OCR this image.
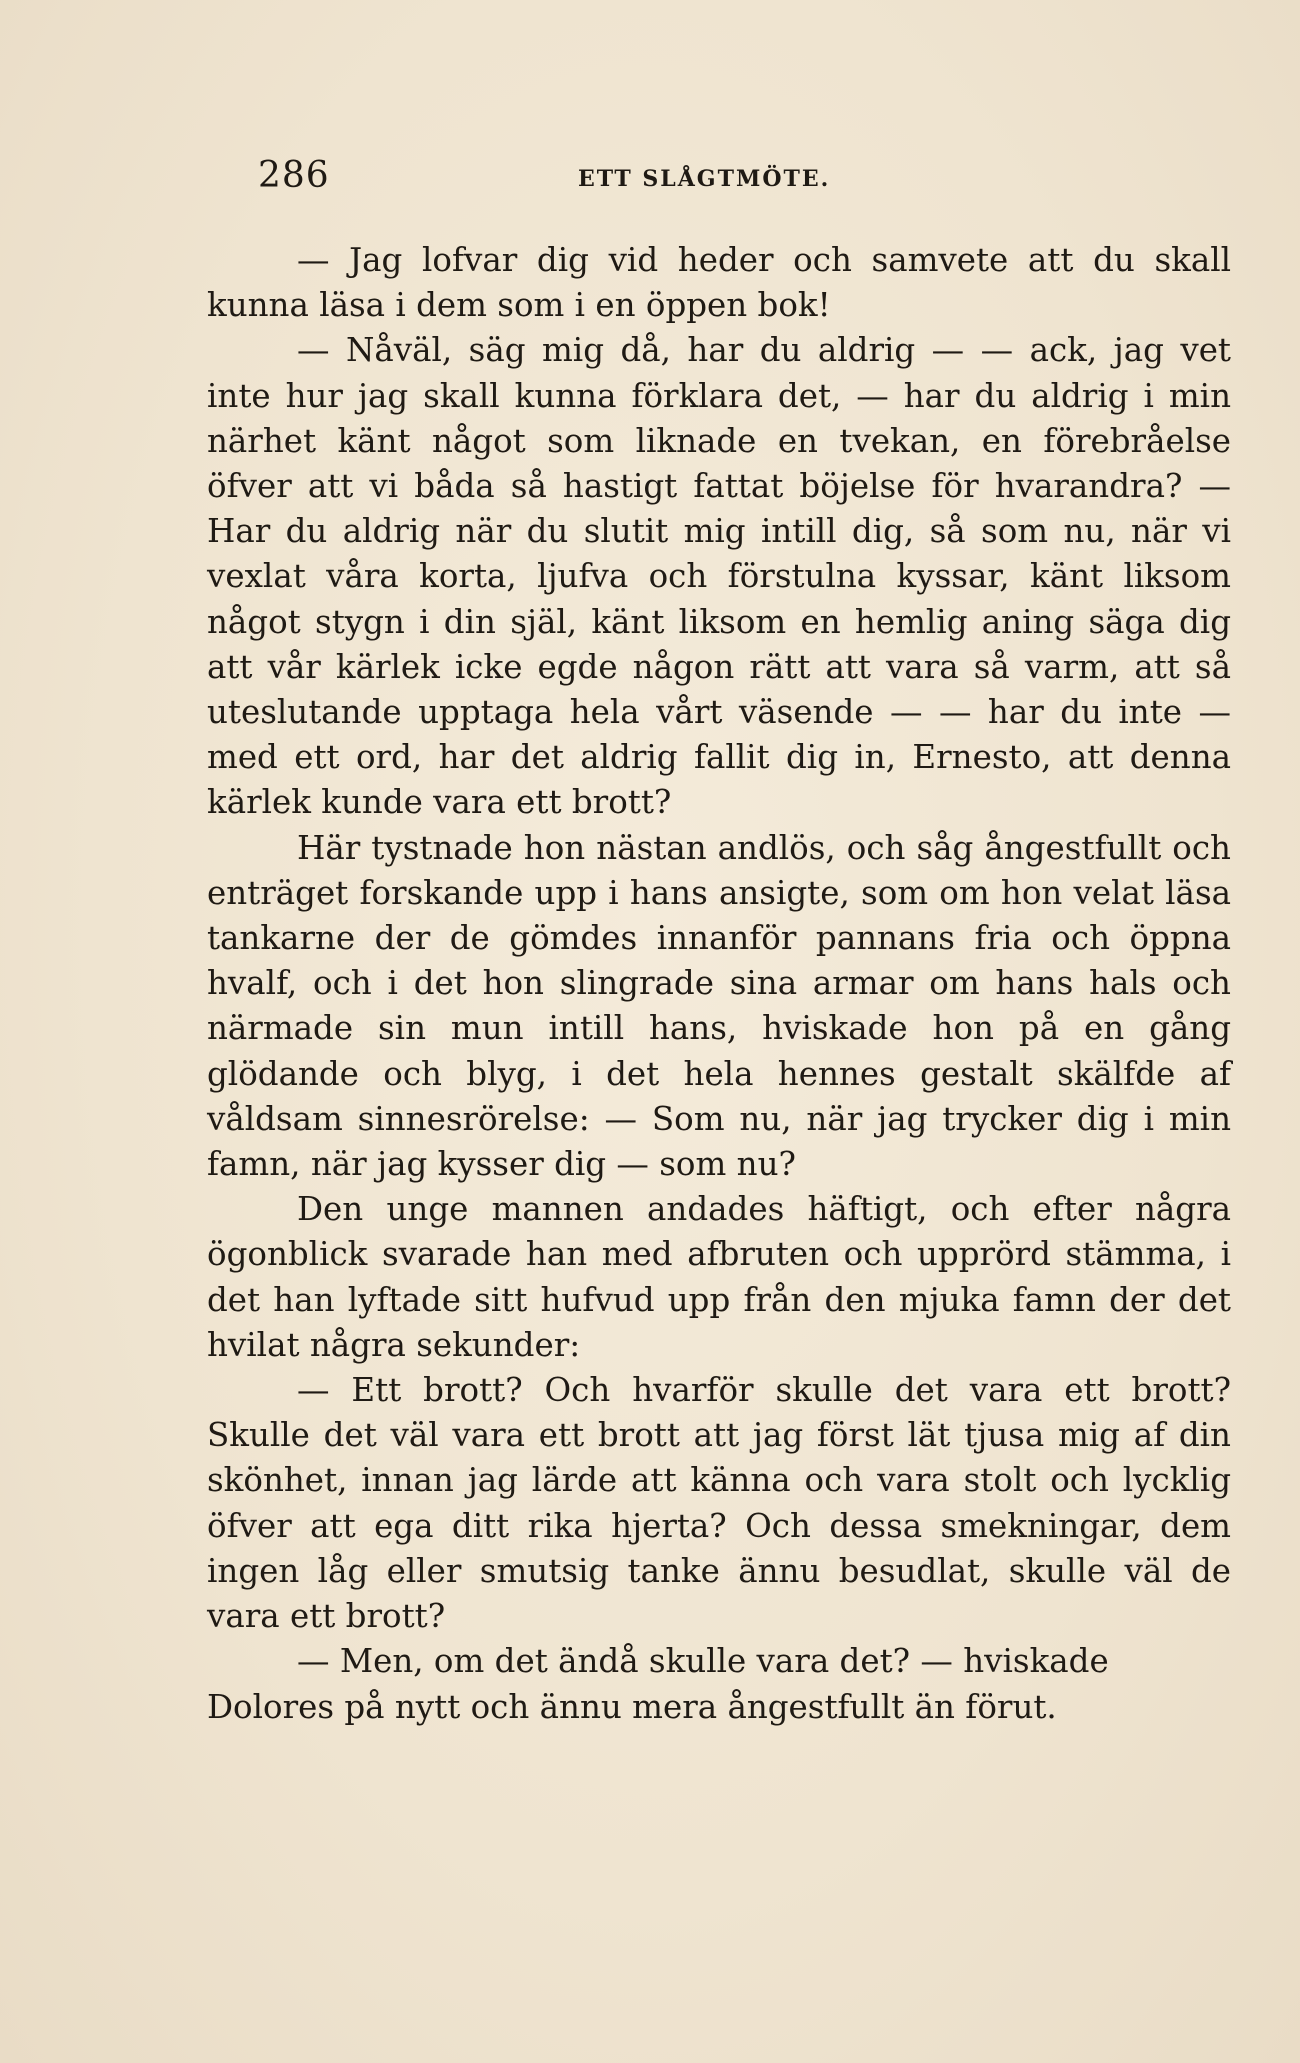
286	ETT SLÅGTMÖTE.

— Jag lofvar dig vid heder och samvete att du skall kunna läsa i dem som i en öppen bok!

— Nåväl, säg mig då, har du aldrig — — ack, jag vet inte hur jag skall kunna förklara det, — har du aldrig i min närhet känt något som liknade en tvekan, en förebråelse öfver att vi båda så hastigt fattat böjelse för hvarandra? — Har du aldrig när du slutit mig intill dig, så som nu, när vi vexlat våra korta, ljufva och förstulna kyssar, känt liksom något stygn i din själ, känt liksom en hemlig aning säga dig att vår kärlek icke egde någon rätt att vara så varm, att så uteslutande upptaga hela vårt väsende — — har du inte — med ett ord, har det aldrig fallit dig in, Ernesto, att denna kärlek kunde vara ett brott?

Här tystnade hon nästan andlös, och såg ångestfullt och enträget forskande upp i hans ansigte, som om hon velat läsa tankarne der de gömdes innanför pannans fria och öppna hvalf, och i det hon slingrade sina armar om hans hals och närmade sin mun intill hans, hviskade hon på en gång glödande och blyg, i det hela hennes gestalt skälfde af våldsam sinnesrörelse: — Som nu, när jag trycker dig i min famn, när jag kysser dig — som nu?

Den unge mannen andades häftigt, och efter några ögonblick svarade han med afbruten och upprörd stämma, i det han lyftade sitt hufvud upp från den mjuka famn der det hvilat några sekunder:

— Ett brott? Och hvarför skulle det vara ett brott? Skulle det väl vara ett brott att jag först lät tjusa mig af din skönhet, innan jag lärde att känna och vara stolt och lycklig öfver att ega ditt rika hjerta? Och dessa smekningar, dem ingen låg eller smutsig tanke ännu besudlat, skulle väl de vara ett brott?

— Men, om det ändå skulle vara det? — hviskade Dolores på nytt och ännu mera ångestfullt än förut.
